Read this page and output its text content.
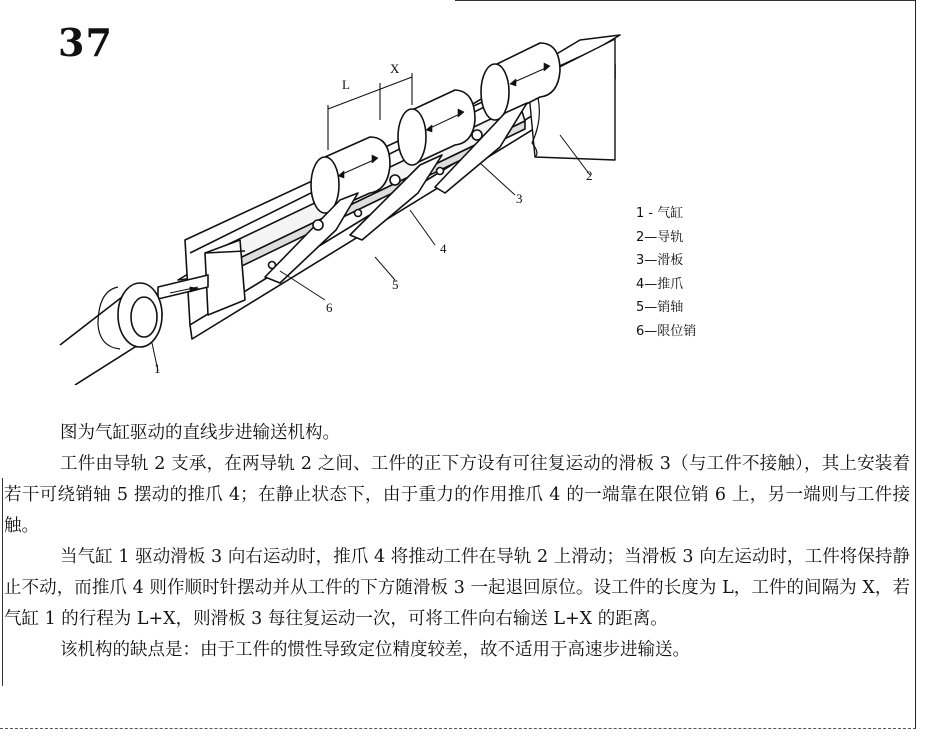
37
L
X
1
2
3
4
5
6
1 - 气缸
2—导轨
3—滑板
4—推爪
5—销轴
6—限位销

图为气缸驱动的直线步进输送机构。

工件由导轨 2 支承，在两导轨 2 之间、工件的正下方设有可往复运动的滑板 3（与工件不接触），其上安装着若干可绕销轴 5 摆动的推爪 4；在静止状态下，由于重力的作用推爪 4 的一端靠在限位销 6 上，另一端则与工件接触。

当气缸 1 驱动滑板 3 向右运动时，推爪 4 将推动工件在导轨 2 上滑动；当滑板 3 向左运动时，工件将保持静止不动，而推爪 4 则作顺时针摆动并从工件的下方随滑板 3 一起退回原位。设工件的长度为 L，工件的间隔为 X，若气缸 1 的行程为 L+X，则滑板 3 每往复运动一次，可将工件向右输送 L+X 的距离。

该机构的缺点是：由于工件的惯性导致定位精度较差，故不适用于高速步进输送。
